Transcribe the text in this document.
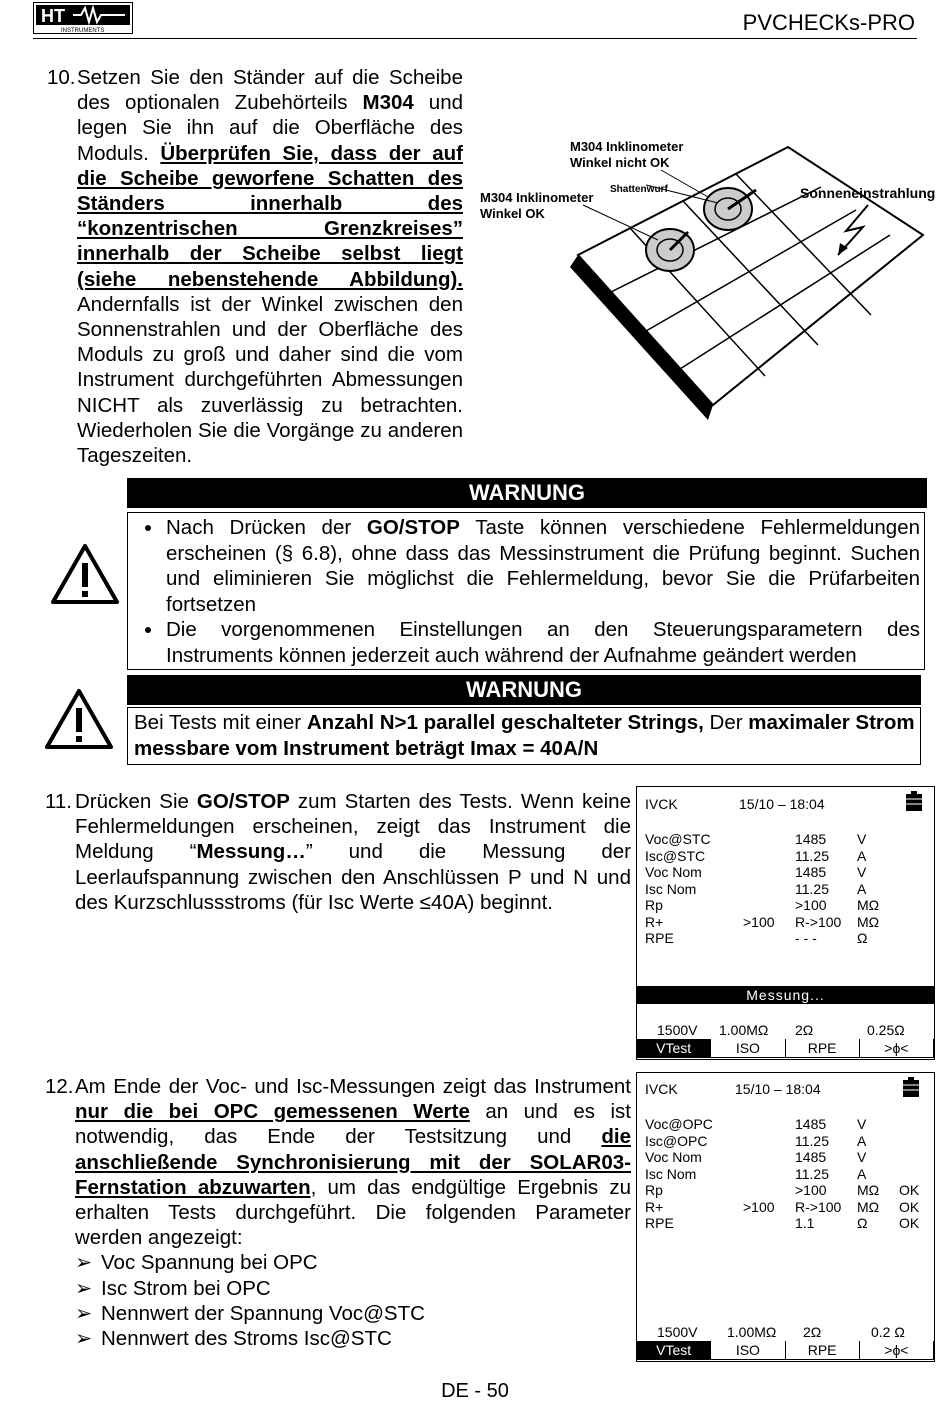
HT
INSTRUMENTS	PVCHECKs-PRO
10. Setzen Sie den Ständer auf die Scheibe des optionalen Zubehörteils M304 und legen Sie ihn auf die Oberfläche des Moduls. Überprüfen Sie, dass der auf die Scheibe geworfene Schatten des Ständers innerhalb des “konzentrischen Grenzkreises” innerhalb der Scheibe selbst liegt (siehe nebenstehende Abbildung). Andernfalls ist der Winkel zwischen den Sonnenstrahlen und der Oberfläche des Moduls zu groß und daher sind die vom Instrument durchgeführten Abmessungen NICHT als zuverlässig zu betrachten. Wiederholen Sie die Vorgänge zu anderen Tageszeiten.
M304 Inklinometer
Winkel OK
M304 Inklinometer
Winkel nicht OK
Shattenwurf	Sonneneinstrahlung
WARNUNG
• Nach Drücken der GO/STOP Taste können verschiedene Fehlermeldungen erscheinen (§ 6.8), ohne dass das Messinstrument die Prüfung beginnt. Suchen und eliminieren Sie möglichst die Fehlermeldung, bevor Sie die Prüfarbeiten fortsetzen
• Die vorgenommenen Einstellungen an den Steuerungsparametern des Instruments können jederzeit auch während der Aufnahme geändert werden
WARNUNG
Bei Tests mit einer Anzahl N>1 parallel geschalteter Strings, Der maximaler Strom messbare vom Instrument beträgt Imax = 40A/N
11. Drücken Sie GO/STOP zum Starten des Tests. Wenn keine Fehlermeldungen erscheinen, zeigt das Instrument die Meldung “Messung…” und die Messung der Leerlaufspannung zwischen den Anschlüssen P und N und des Kurzschlussstroms (für Isc Werte ≤40A) beginnt.
IVCK	15/10 – 18:04
Voc@STC	1485 V
Isc@STC	11.25 A
Voc Nom	1485 V
Isc Nom	11.25 A
Rp	>100 MΩ
R+	>100 R->100 MΩ
RPE	- - -	Ω
Messung...
1500V 1.00MΩ 2Ω	0.25Ω
VTest	ISO	RPE	>ϕ<
12. Am Ende der Voc- und Isc-Messungen zeigt das Instrument nur die bei OPC gemessenen Werte an und es ist notwendig, das Ende der Testsitzung und die anschließende Synchronisierung mit der SOLAR03-Fernstation abzuwarten, um das endgültige Ergebnis zu erhalten Tests durchgeführt. Die folgenden Parameter werden angezeigt:
➢ Voc Spannung bei OPC
➢ Isc Strom bei OPC
➢ Nennwert der Spannung Voc@STC
➢ Nennwert des Stroms Isc@STC
IVCK	15/10 – 18:04
Voc@OPC	1485 V
Isc@OPC	11.25 A
Voc Nom	1485 V
Isc Nom	11.25 A
Rp	>100 MΩ OK
R+	>100 R->100 MΩ OK
RPE	1.1	Ω OK
1500V 1.00MΩ 2Ω	0.2 Ω
VTest	ISO	RPE	>ϕ<
DE - 50
